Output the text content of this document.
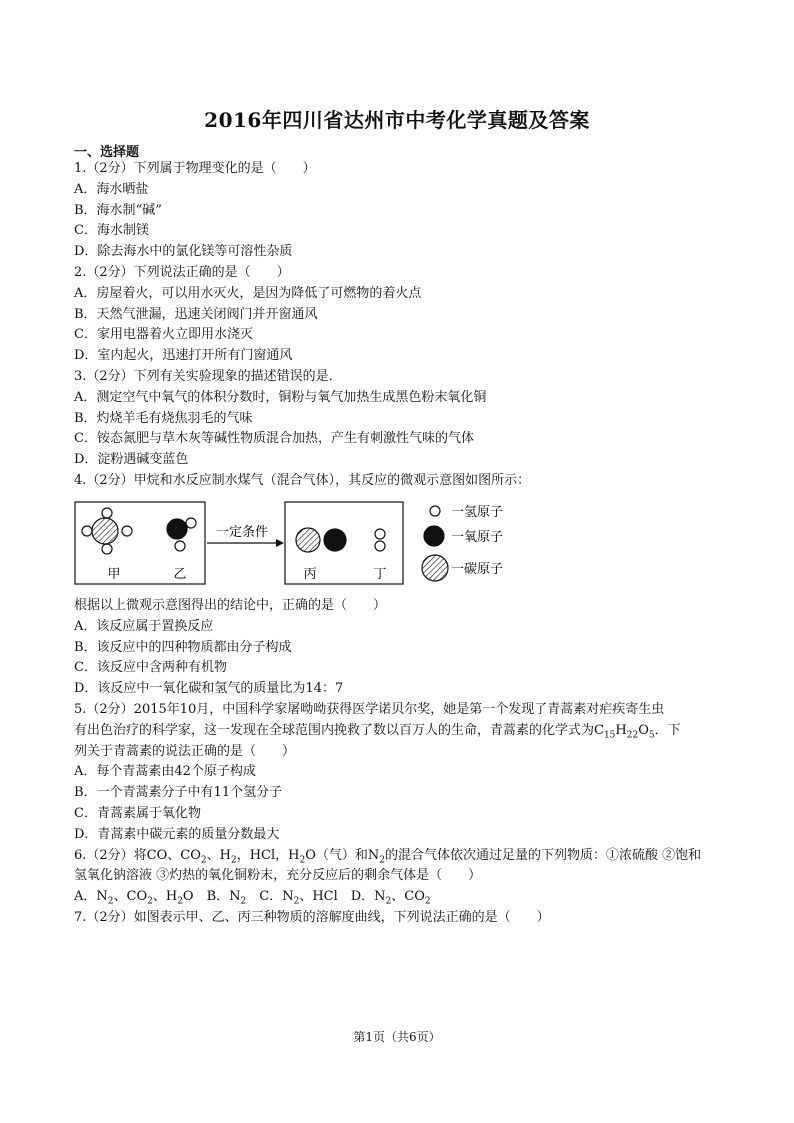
2016年四川省达州市中考化学真题及答案
一、选择题
1.（2分）下列属于物理变化的是（　　）
A．海水晒盐
B．海水制“碱”
C．海水制镁
D．除去海水中的氯化镁等可溶性杂质
2.（2分）下列说法正确的是（　　）
A．房屋着火，可以用水灭火，是因为降低了可燃物的着火点
B．天然气泄漏，迅速关闭阀门并开窗通风
C．家用电器着火立即用水浇灭
D．室内起火，迅速打开所有门窗通风
3.（2分）下列有关实验现象的描述错误的是．
A．测定空气中氧气的体积分数时，铜粉与氧气加热生成黑色粉末氧化铜
B．灼烧羊毛有烧焦羽毛的气味
C．铵态氮肥与草木灰等碱性物质混合加热，产生有刺激性气味的气体
D．淀粉遇碱变蓝色
4.（2分）甲烷和水反应制水煤气（混合气体），其反应的微观示意图如图所示：
甲	乙
一定条件
丙	丁
一氢原子
一氧原子
一碳原子
根据以上微观示意图得出的结论中，正确的是（　　）
A．该反应属于置换反应
B．该反应中的四种物质都由分子构成
C．该反应中含两种有机物
D．该反应中一氧化碳和氢气的质量比为14：7
5.（2分）2015年10月，中国科学家屠呦呦获得医学诺贝尔奖，她是第一个发现了青蒿素对疟疾寄生虫
有出色治疗的科学家，这一发现在全球范围内挽救了数以百万人的生命，青蒿素的化学式为$C_{15}H_{22}O_5$．下
列关于青蒿素的说法正确的是（　　）
A．每个青蒿素由42个原子构成
B．一个青蒿素分子中有11个氢分子
C．青蒿素属于氧化物
D．青蒿素中碳元素的质量分数最大
6.（2分）将CO、$CO_2$、$H_2$，HCl，$H_2O$（气）和$N_2$的混合气体依次通过足量的下列物质：①浓硫酸 ②饱和
氢氧化钠溶液 ③灼热的氧化铜粉末，充分反应后的剩余气体是（　　）
A．$N_2$、$CO_2$、$H_2O$　B．$N_2$　C．$N_2$、HCl　D．$N_2$、$CO_2$
7.（2分）如图表示甲、乙、丙三种物质的溶解度曲线，下列说法正确的是（　　）
第1页（共6页）
